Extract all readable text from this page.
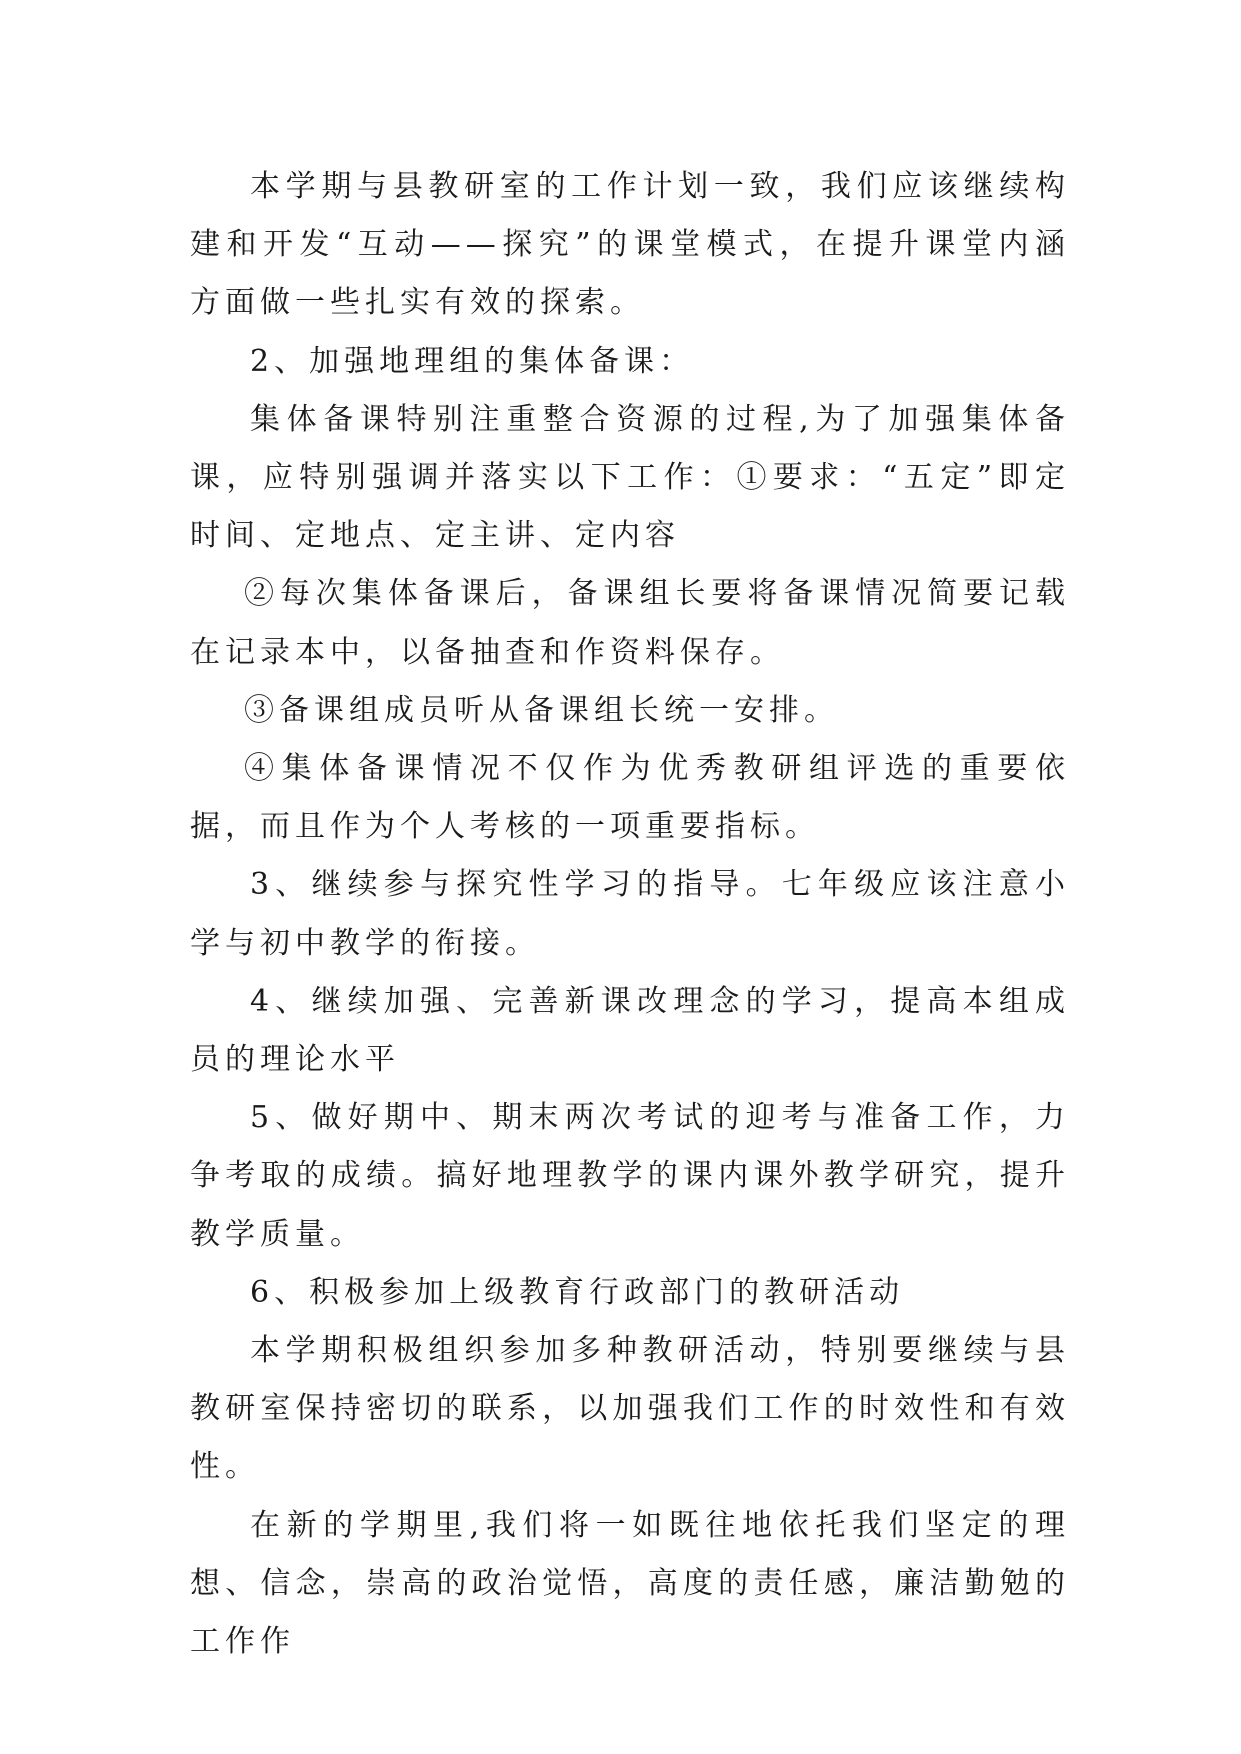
本学期与县教研室的工作计划一致，我们应该继续构建和开发“互动——探究”的课堂模式，在提升课堂内涵方面做一些扎实有效的探索。

2、加强地理组的集体备课：

集体备课特别注重整合资源的过程,为了加强集体备课，应特别强调并落实以下工作：①要求：“五定”即定时间、定地点、定主讲、定内容

②每次集体备课后，备课组长要将备课情况简要记载在记录本中，以备抽查和作资料保存。

③备课组成员听从备课组长统一安排。

④集体备课情况不仅作为优秀教研组评选的重要依据，而且作为个人考核的一项重要指标。

3、继续参与探究性学习的指导。七年级应该注意小学与初中教学的衔接。

4、继续加强、完善新课改理念的学习，提高本组成员的理论水平

5、做好期中、期末两次考试的迎考与准备工作，力争考取的成绩。搞好地理教学的课内课外教学研究，提升教学质量。

6、积极参加上级教育行政部门的教研活动

本学期积极组织参加多种教研活动，特别要继续与县教研室保持密切的联系，以加强我们工作的时效性和有效性。

在新的学期里,我们将一如既往地依托我们坚定的理想、信念，崇高的政治觉悟，高度的责任感，廉洁勤勉的工作作
